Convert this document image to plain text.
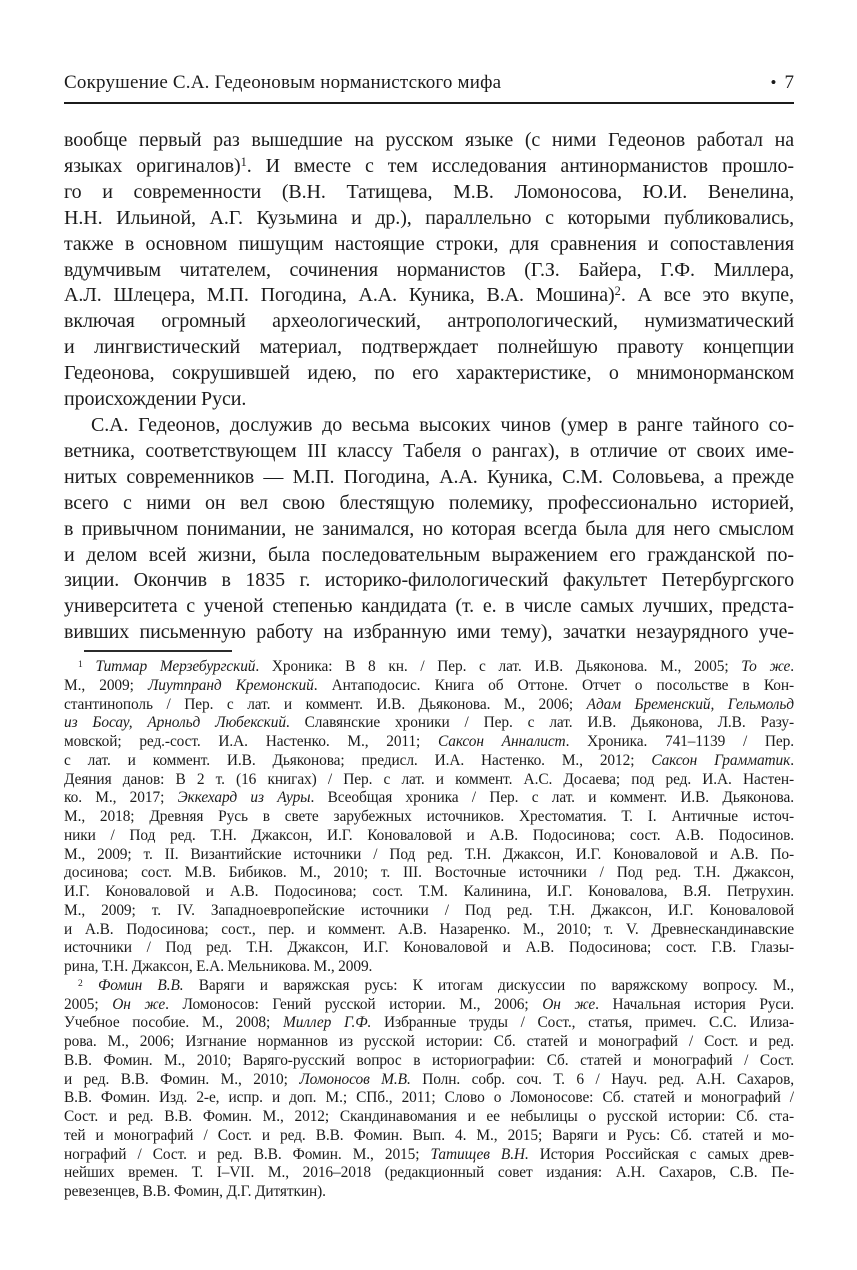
Сокрушение С.А. Гедеоновым норманистского мифа	• 7
вообще первый раз вышедшие на русском языке (с ними Гедеонов работал на
языках оригиналов)$^1$. И вместе с тем исследования антинорманистов прошло-
го и современности (В.Н. Татищева, М.В. Ломоносова, Ю.И. Венелина,
Н.Н. Ильиной, А.Г. Кузьмина и др.), параллельно с которыми публиковались,
также в основном пишущим настоящие строки, для сравнения и сопоставления
вдумчивым читателем, сочинения норманистов (Г.З. Байера, Г.Ф. Миллера,
А.Л. Шлецера, М.П. Погодина, А.А. Куника, В.А. Мошина)$^2$. А все это вкупе,
включая огромный археологический, антропологический, нумизматический
и лингвистический материал, подтверждает полнейшую правоту концепции
Гедеонова, сокрушившей идею, по его характеристике, о мнимонорманском
происхождении Руси.
С.А. Гедеонов, дослужив до весьма высоких чинов (умер в ранге тайного со-
ветника, соответствующем III классу Табеля о рангах), в отличие от своих име-
нитых современников — М.П. Погодина, А.А. Куника, С.М. Соловьева, а прежде
всего с ними он вел свою блестящую полемику, профессионально историей,
в привычном понимании, не занимался, но которая всегда была для него смыслом
и делом всей жизни, была последовательным выражением его гражданской по-
зиции. Окончив в 1835 г. историко-филологический факультет Петербургского
университета с ученой степенью кандидата (т. е. в числе самых лучших, предста-
вивших письменную работу на избранную ими тему), зачатки незаурядного уче-
$^1$ Титмар Мерзебургский. Хроника: В 8 кн. / Пер. с лат. И.В. Дьяконова. М., 2005; То же.
М., 2009; Лиутпранд Кремонский. Антаподосис. Книга об Оттоне. Отчет о посольстве в Кон-
стантинополь / Пер. с лат. и коммент. И.В. Дьяконова. М., 2006; Адам Бременский, Гельмольд
из Босау, Арнольд Любекский. Славянские хроники / Пер. с лат. И.В. Дьяконова, Л.В. Разу-
мовской; ред.-сост. И.А. Настенко. М., 2011; Саксон Анналист. Хроника. 741–1139 / Пер.
с лат. и коммент. И.В. Дьяконова; предисл. И.А. Настенко. М., 2012; Саксон Грамматик.
Деяния данов: В 2 т. (16 книгах) / Пер. с лат. и коммент. А.С. Досаева; под ред. И.А. Настен-
ко. М., 2017; Эккехард из Ауры. Всеобщая хроника / Пер. с лат. и коммент. И.В. Дьяконова.
М., 2018; Древняя Русь в свете зарубежных источников. Хрестоматия. Т. I. Античные источ-
ники / Под ред. Т.Н. Джаксон, И.Г. Коноваловой и А.В. Подосинова; сост. А.В. Подосинов.
М., 2009; т. II. Византийские источники / Под ред. Т.Н. Джаксон, И.Г. Коноваловой и А.В. По-
досинова; сост. М.В. Бибиков. М., 2010; т. III. Восточные источники / Под ред. Т.Н. Джаксон,
И.Г. Коноваловой и А.В. Подосинова; сост. Т.М. Калинина, И.Г. Коновалова, В.Я. Петрухин.
М., 2009; т. IV. Западноевропейские источники / Под ред. Т.Н. Джаксон, И.Г. Коноваловой
и А.В. Подосинова; сост., пер. и коммент. А.В. Назаренко. М., 2010; т. V. Древнескандинавские
источники / Под ред. Т.Н. Джаксон, И.Г. Коноваловой и А.В. Подосинова; сост. Г.В. Глазы-
рина, Т.Н. Джаксон, Е.А. Мельникова. М., 2009.
$^2$ Фомин В.В. Варяги и варяжская русь: К итогам дискуссии по варяжскому вопросу. М.,
2005; Он же. Ломоносов: Гений русской истории. М., 2006; Он же. Начальная история Руси.
Учебное пособие. М., 2008; Миллер Г.Ф. Избранные труды / Сост., статья, примеч. С.С. Илиза-
рова. М., 2006; Изгнание норманнов из русской истории: Сб. статей и монографий / Сост. и ред.
В.В. Фомин. М., 2010; Варяго-русский вопрос в историографии: Сб. статей и монографий / Сост.
и ред. В.В. Фомин. М., 2010; Ломоносов М.В. Полн. собр. соч. Т. 6 / Науч. ред. А.Н. Сахаров,
В.В. Фомин. Изд. 2-е, испр. и доп. М.; СПб., 2011; Слово о Ломоносове: Сб. статей и монографий /
Сост. и ред. В.В. Фомин. М., 2012; Скандинавомания и ее небылицы о русской истории: Сб. ста-
тей и монографий / Сост. и ред. В.В. Фомин. Вып. 4. М., 2015; Варяги и Русь: Сб. статей и мо-
нографий / Сост. и ред. В.В. Фомин. М., 2015; Татищев В.Н. История Российская с самых древ-
нейших времен. Т. I–VII. М., 2016–2018 (редакционный совет издания: А.Н. Сахаров, С.В. Пе-
ревезенцев, В.В. Фомин, Д.Г. Дитяткин).
